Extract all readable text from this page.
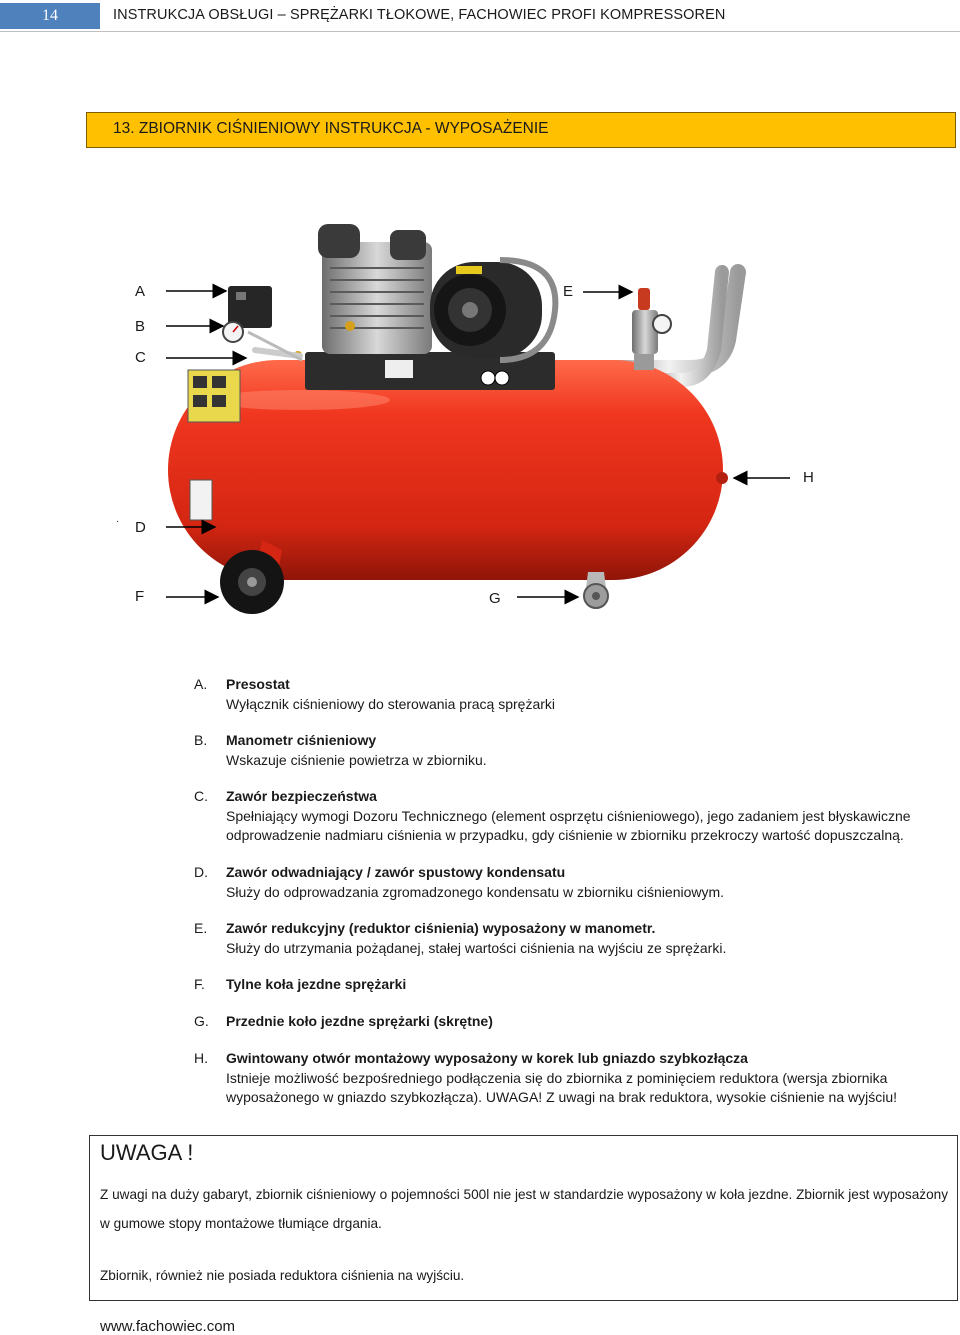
14	INSTRUKCJA OBSŁUGI – SPRĘŻARKI TŁOKOWE, FACHOWIEC PROFI KOMPRESSOREN
13. ZBIORNIK CIŚNIENIOWY INSTRUKCJA - WYPOSAŻENIE
A
B
C
E
H
· D
F	G
A. Presostat
Wyłącznik ciśnieniowy do sterowania pracą sprężarki
B. Manometr ciśnieniowy
Wskazuje ciśnienie powietrza w zbiorniku.
C. Zawór bezpieczeństwa
Spełniający wymogi Dozoru Technicznego (element osprzętu ciśnieniowego), jego zadaniem jest błyskawiczne odprowadzenie nadmiaru ciśnienia w przypadku, gdy ciśnienie w zbiorniku przekroczy wartość dopuszczalną.
D. Zawór odwadniający / zawór spustowy kondensatu
Służy do odprowadzania zgromadzonego kondensatu w zbiorniku ciśnieniowym.
E. Zawór redukcyjny (reduktor ciśnienia) wyposażony w manometr.
Służy do utrzymania pożądanej, stałej wartości ciśnienia na wyjściu ze sprężarki.
F. Tylne koła jezdne sprężarki
G. Przednie koło jezdne sprężarki (skrętne)
H. Gwintowany otwór montażowy wyposażony w korek lub gniazdo szybkozłącza
Istnieje możliwość bezpośredniego podłączenia się do zbiornika z pominięciem reduktora (wersja zbiornika wyposażonego w gniazdo szybkozłącza). UWAGA! Z uwagi na brak reduktora, wysokie ciśnienie na wyjściu!
UWAGA !
Z uwagi na duży gabaryt, zbiornik ciśnieniowy o pojemności 500l nie jest w standardzie wyposażony w koła jezdne. Zbiornik jest wyposażony w gumowe stopy montażowe tłumiące drgania.
Zbiornik, również nie posiada reduktora ciśnienia na wyjściu.
www.fachowiec.com
